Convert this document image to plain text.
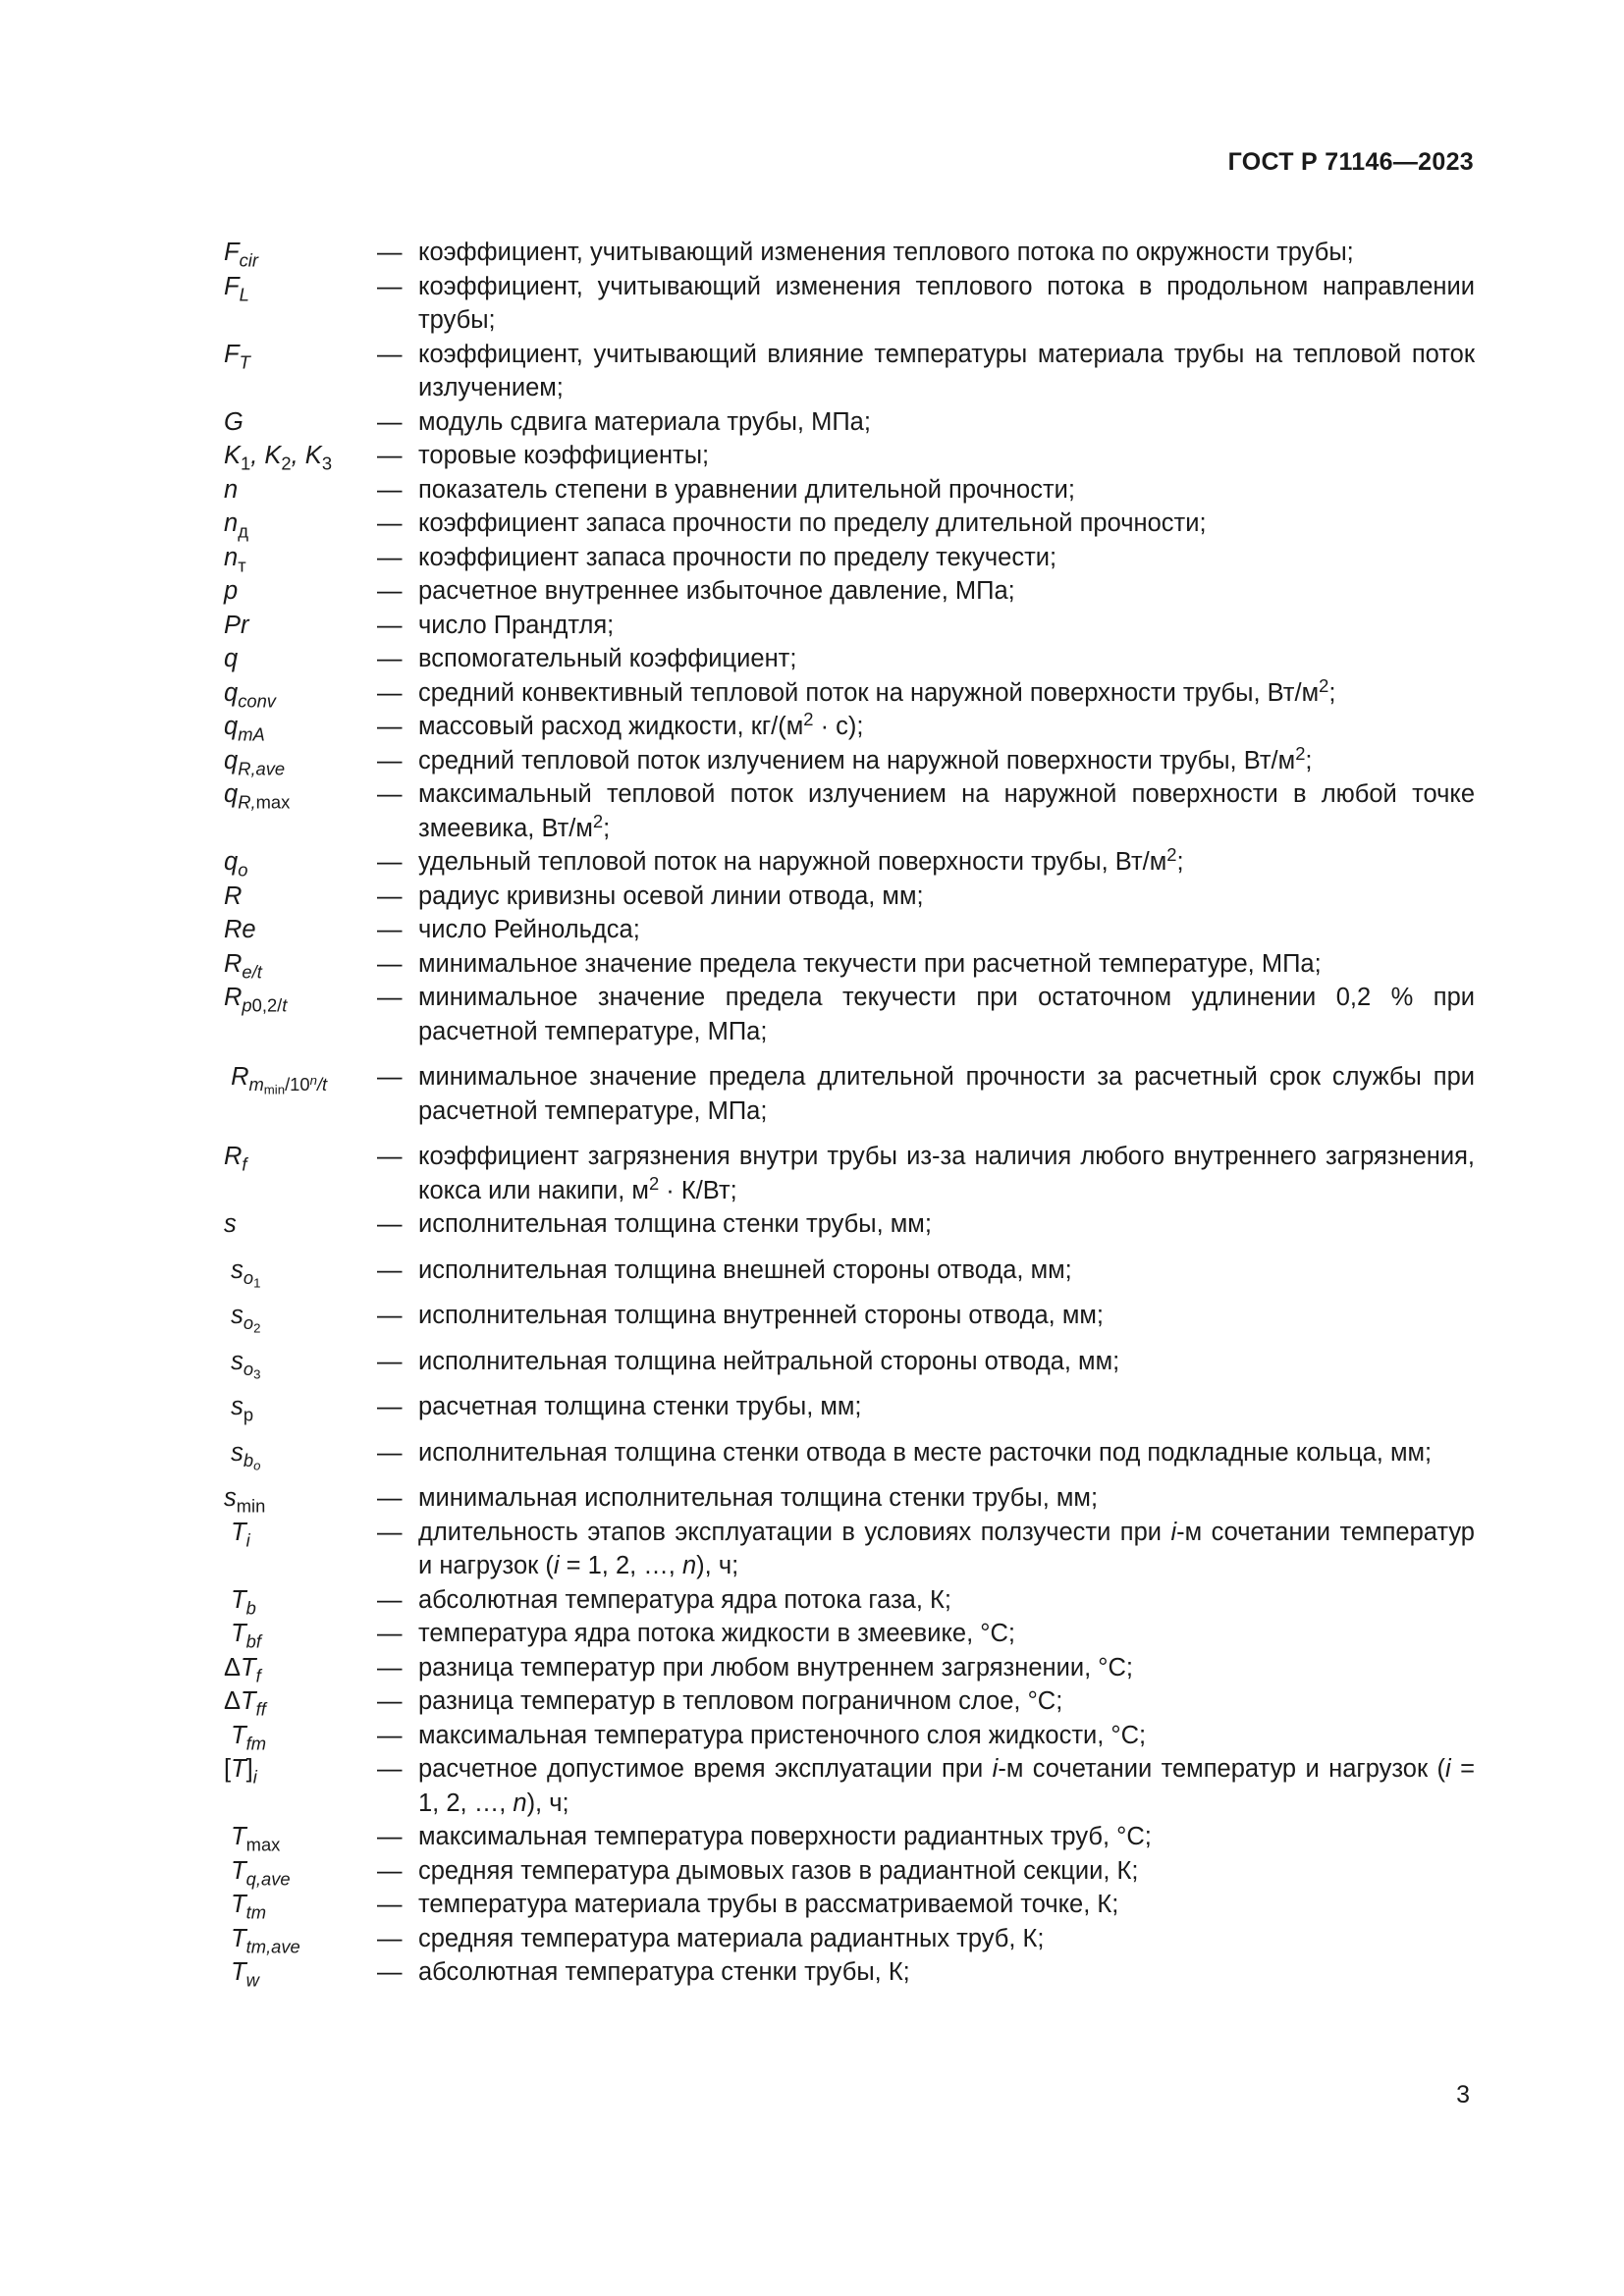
ГОСТ Р 71146—2023
$F_{cir}$	— коэффициент, учитывающий изменения теплового потока по окружности трубы;
$F_L$	— коэффициент, учитывающий изменения теплового потока в продольном направлении трубы;
$F_T$	— коэффициент, учитывающий влияние температуры материала трубы на тепловой поток излучением;
G	— модуль сдвига материала трубы, МПа;
$K_1$, $K_2$, $K_3$	— торовые коэффициенты;
n	— показатель степени в уравнении длительной прочности;
$n_д$	— коэффициент запаса прочности по пределу длительной прочности;
$n_т$	— коэффициент запаса прочности по пределу текучести;
p	— расчетное внутреннее избыточное давление, МПа;
Pr	— число Прандтля;
q	— вспомогательный коэффициент;
$q_{conv}$	— средний конвективный тепловой поток на наружной поверхности трубы, $Вт/м^2$;
$q_{mA}$	— массовый расход жидкости, $кг/(м^2 \cdot с)$;
$q_{R,ave}$	— средний тепловой поток излучением на наружной поверхности трубы, $Вт/м^2$;
$q_{R,max}$	— максимальный тепловой поток излучением на наружной поверхности в любой точке змеевика, $Вт/м^2$;
$q_o$	— удельный тепловой поток на наружной поверхности трубы, $Вт/м^2$;
R	— радиус кривизны осевой линии отвода, мм;
Re	— число Рейнольдса;
$R_{e/t}$	— минимальное значение предела текучести при расчетной температуре, МПа;
$R_{p0,2/t}$	— минимальное значение предела текучести при остаточном удлинении 0,2 % при расчетной температуре, МПа;
$R_{m_{min}/10^n/t}$	— минимальное значение предела длительной прочности за расчетный срок службы при расчетной температуре, МПа;
$R_f$	— коэффициент загрязнения внутри трубы из-за наличия любого внутреннего загрязнения, кокса или накипи, $м^2 \cdot К/Вт$;
s	— исполнительная толщина стенки трубы, мм;
$s_{o_1}$	— исполнительная толщина внешней стороны отвода, мм;
$s_{o_2}$	— исполнительная толщина внутренней стороны отвода, мм;
$s_{o_3}$	— исполнительная толщина нейтральной стороны отвода, мм;
$s_р$	— расчетная толщина стенки трубы, мм;
$s_{b_o}$	— исполнительная толщина стенки отвода в месте расточки под подкладные кольца, мм;
$s_{min}$	— минимальная исполнительная толщина стенки трубы, мм;
$T_i$	— длительность этапов эксплуатации в условиях ползучести при i-м сочетании температур и нагрузок (i = 1, 2, …, n), ч;
$T_b$	— абсолютная температура ядра потока газа, К;
$T_{bf}$	— температура ядра потока жидкости в змеевике, °С;
$\Delta T_f$	— разница температур при любом внутреннем загрязнении, °С;
$\Delta T_{ff}$	— разница температур в тепловом пограничном слое, °С;
$T_{fm}$	— максимальная температура пристеночного слоя жидкости, °С;
$[T]_i$	— расчетное допустимое время эксплуатации при i-м сочетании температур и нагрузок (i = 1, 2, …, n), ч;
$T_{max}$	— максимальная температура поверхности радиантных труб, °С;
$T_{q,ave}$	— средняя температура дымовых газов в радиантной секции, К;
$T_{tm}$	— температура материала трубы в рассматриваемой точке, К;
$T_{tm,ave}$	— средняя температура материала радиантных труб, К;
$T_w$	— абсолютная температура стенки трубы, К;
3
